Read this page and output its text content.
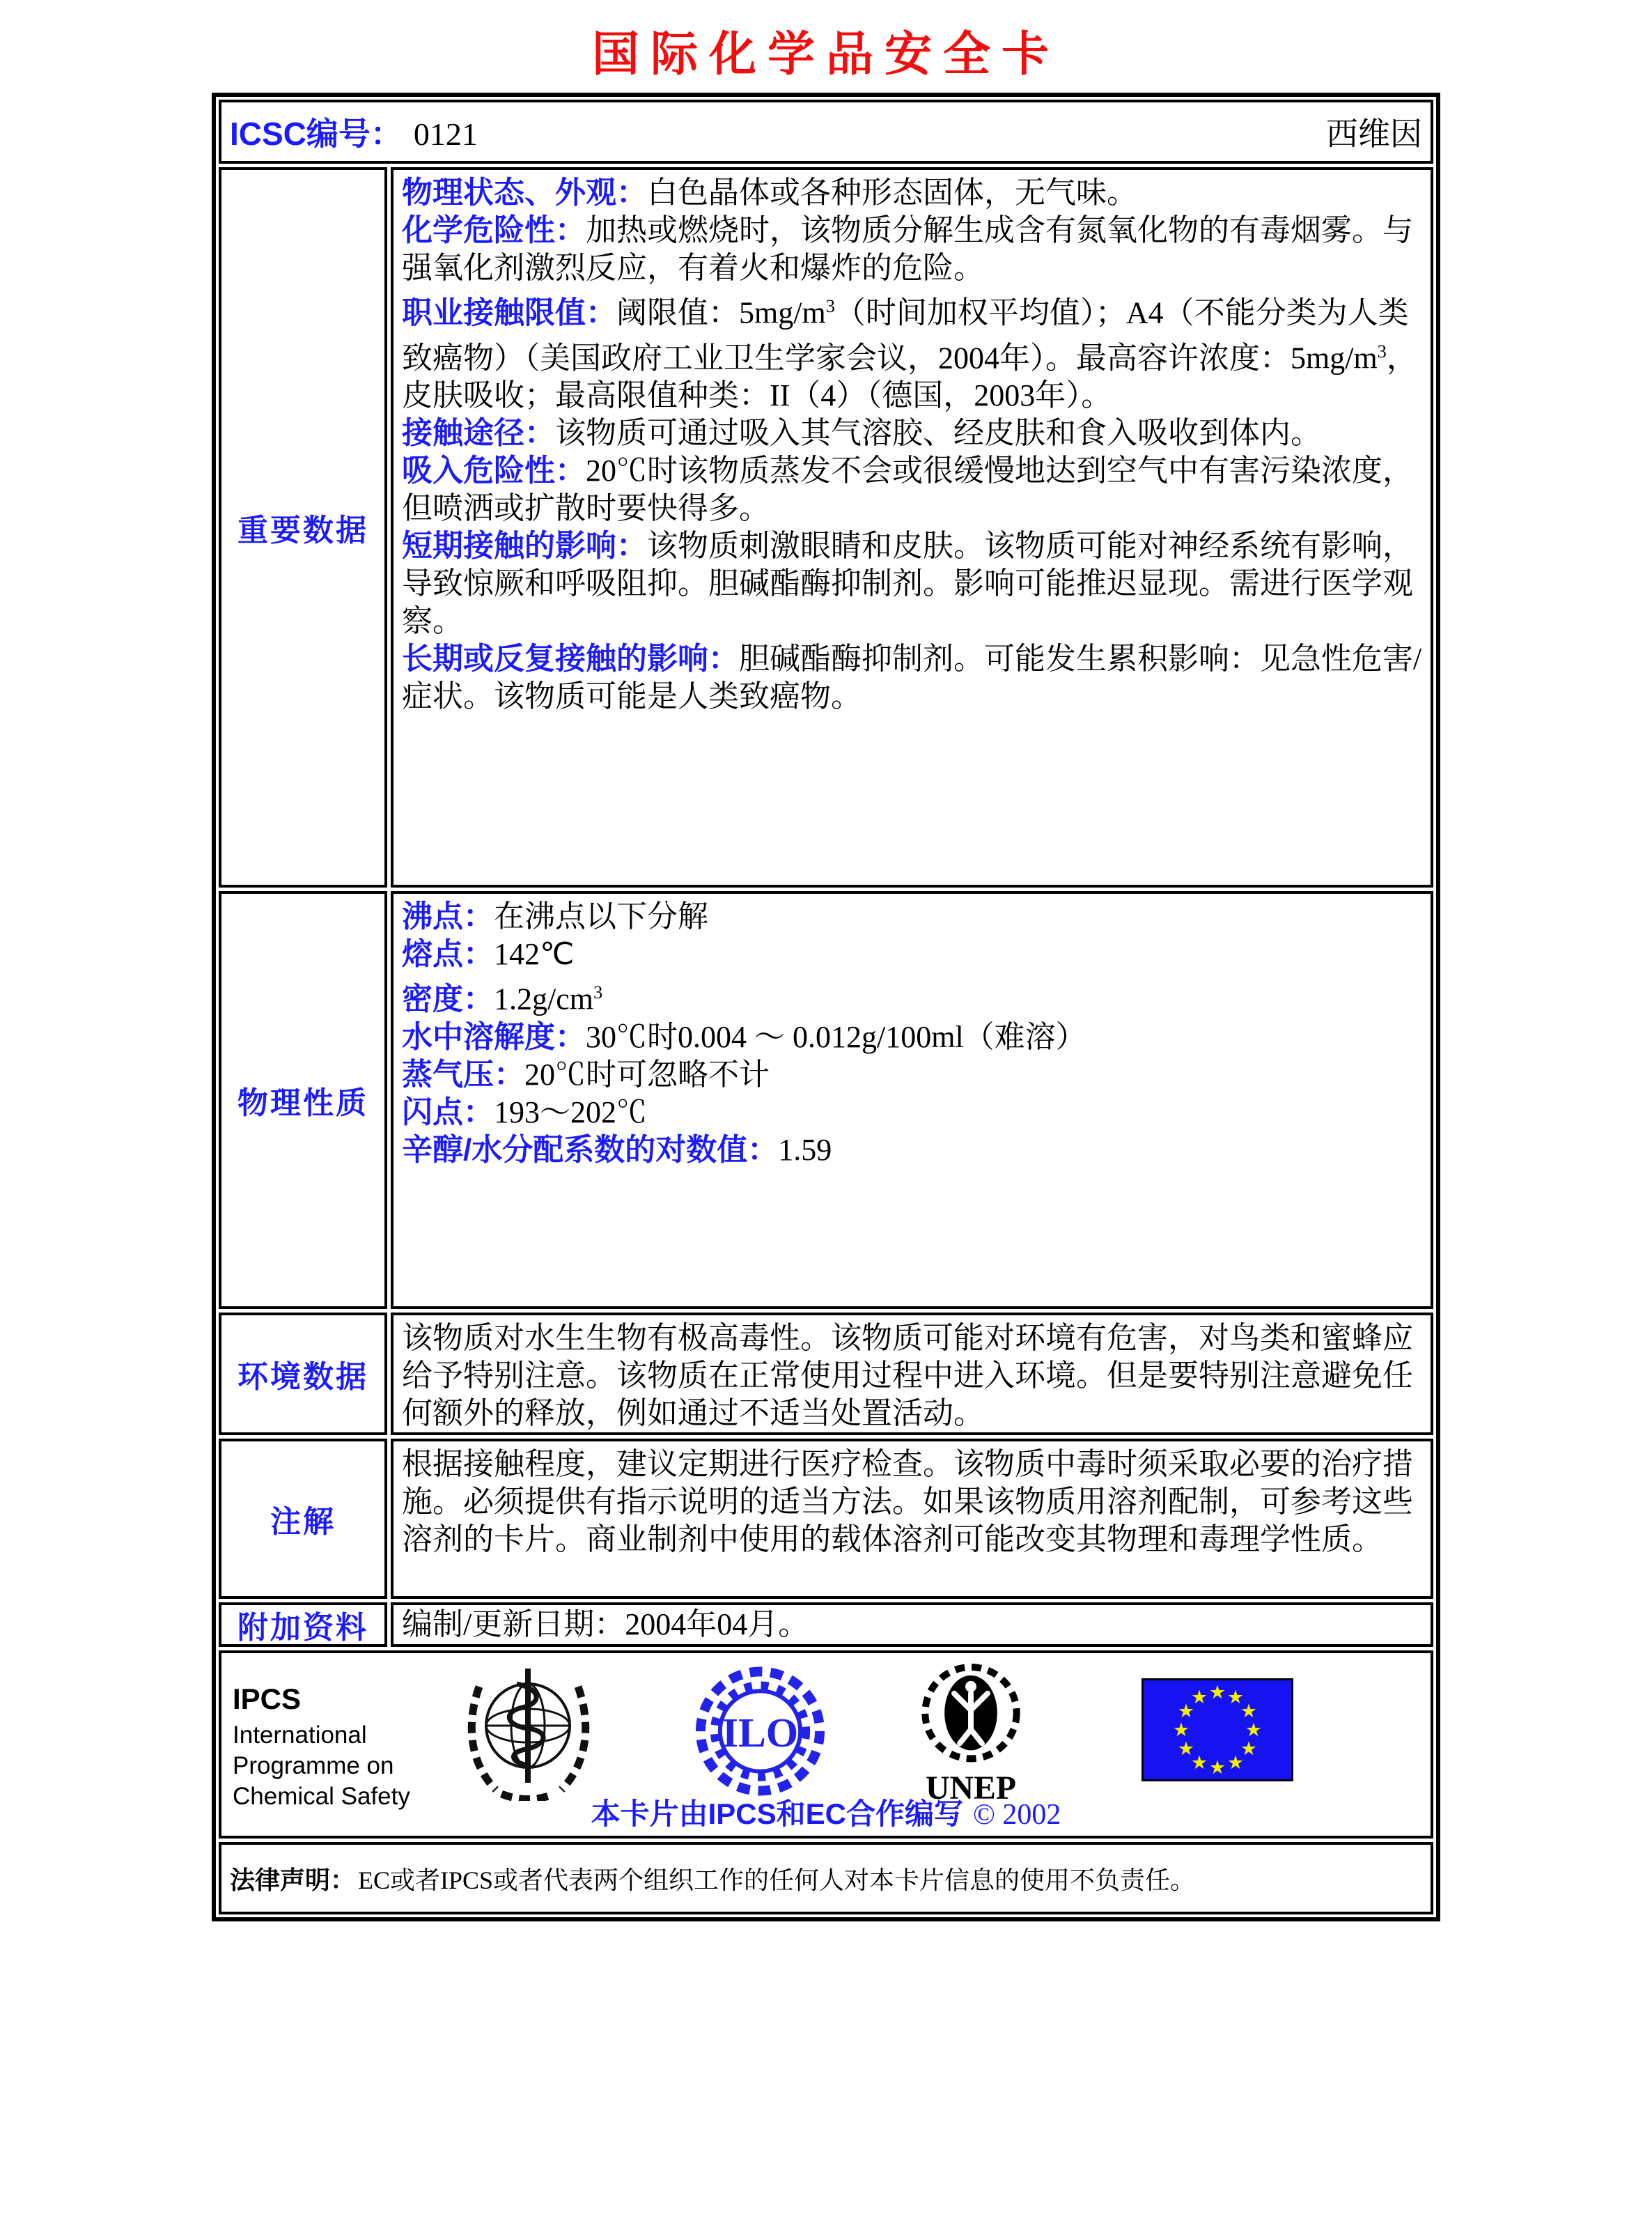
国际化学品安全卡
ICSC编号： 0121	西维因
重要数据

物理状态、外观：白色晶体或各种形态固体，无气味。

化学危险性：加热或燃烧时，该物质分解生成含有氮氧化物的有毒烟雾。与强氧化剂激烈反应，有着火和爆炸的危险。

职业接触限值：阈限值：$5mg/m^3$（时间加权平均值）；A4（不能分类为人类致癌物）（美国政府工业卫生学家会议，2004年）。最高容许浓度：$5mg/m^3$，皮肤吸收；最高限值种类：II（4）（德国，2003年）。

接触途径：该物质可通过吸入其气溶胶、经皮肤和食入吸收到体内。

吸入危险性：20℃时该物质蒸发不会或很缓慢地达到空气中有害污染浓度，但喷洒或扩散时要快得多。

短期接触的影响：该物质刺激眼睛和皮肤。该物质可能对神经系统有影响，导致惊厥和呼吸阻抑。胆碱酯酶抑制剂。影响可能推迟显现。需进行医学观察。

长期或反复接触的影响：胆碱酯酶抑制剂。可能发生累积影响：见急性危害/症状。该物质可能是人类致癌物。

物理性质

沸点：在沸点以下分解

熔点：142℃

密度：$1.2g/cm^3$

水中溶解度：30℃时0.004 ～ 0.012g/100ml（难溶）

蒸气压：20℃时可忽略不计

闪点：193～202℃

辛醇/水分配系数的对数值：1.59

环境数据

该物质对水生生物有极高毒性。该物质可能对环境有危害，对鸟类和蜜蜂应给予特别注意。该物质在正常使用过程中进入环境。但是要特别注意避免任何额外的释放，例如通过不适当处置活动。

注解

根据接触程度，建议定期进行医疗检查。该物质中毒时须采取必要的治疗措施。必须提供有指示说明的适当方法。如果该物质用溶剂配制，可参考这些溶剂的卡片。商业制剂中使用的载体溶剂可能改变其物理和毒理学性质。

附加资料 编制/更新日期：2004年04月。

IPCS
International
Programme on
Chemical Safety
ILO
UNEP
★ ★
★
★
★
★
★
★
★
★
★
★
本卡片由IPCS和EC合作编写 © 2002
法律声明： EC或者IPCS或者代表两个组织工作的任何人对本卡片信息的使用不负责任。
